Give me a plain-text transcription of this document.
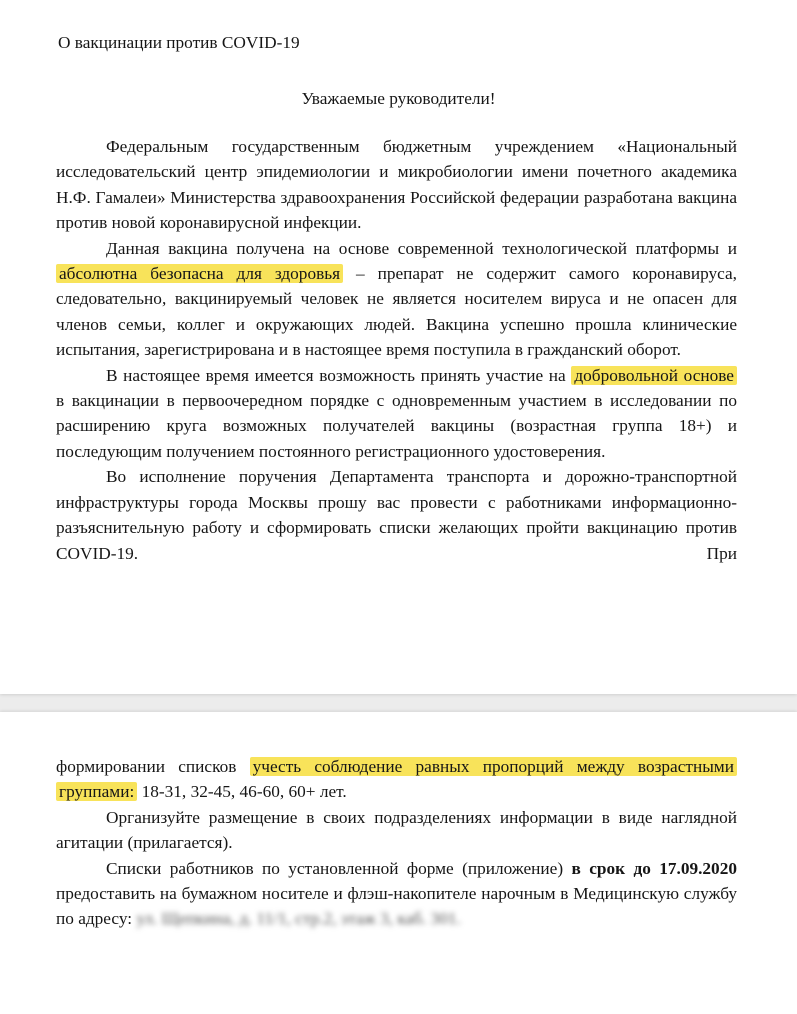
О вакцинации против COVID-19
Уважаемые руководители!

Федеральным государственным бюджетным учреждением «Национальный исследовательский центр эпидемиологии и микробиологии имени почетного академика Н.Ф. Гамалеи» Министерства здравоохранения Российской федерации разработана вакцина против новой коронавирусной инфекции.

Данная вакцина получена на основе современной технологической платформы и абсолютна безопасна для здоровья – препарат не содержит самого коронавируса, следовательно, вакцинируемый человек не является носителем вируса и не опасен для членов семьи, коллег и окружающих людей. Вакцина успешно прошла клинические испытания, зарегистрирована и в настоящее время поступила в гражданский оборот.

В настоящее время имеется возможность принять участие на добровольной основе в вакцинации в первоочередном порядке с одновременным участием в исследовании по расширению круга возможных получателей вакцины (возрастная группа 18+) и последующим получением постоянного регистрационного удостоверения.

Во исполнение поручения Департамента транспорта и дорожно-транспортной инфраструктуры города Москвы прошу вас провести с работниками информационно-разъяснительную работу и сформировать списки желающих пройти вакцинацию против COVID-19. При

формировании списков учесть соблюдение равных пропорций между возрастными группами: 18-31, 32-45, 46-60, 60+ лет.

Организуйте размещение в своих подразделениях информации в виде наглядной агитации (прилагается).

Списки работников по установленной форме (приложение) в срок до 17.09.2020 предоставить на бумажном носителе и флэш-накопителе нарочным в Медицинскую службу по адресу: ул. Щепкина, д. 11/1, стр.2, этаж 3, каб. 301.
